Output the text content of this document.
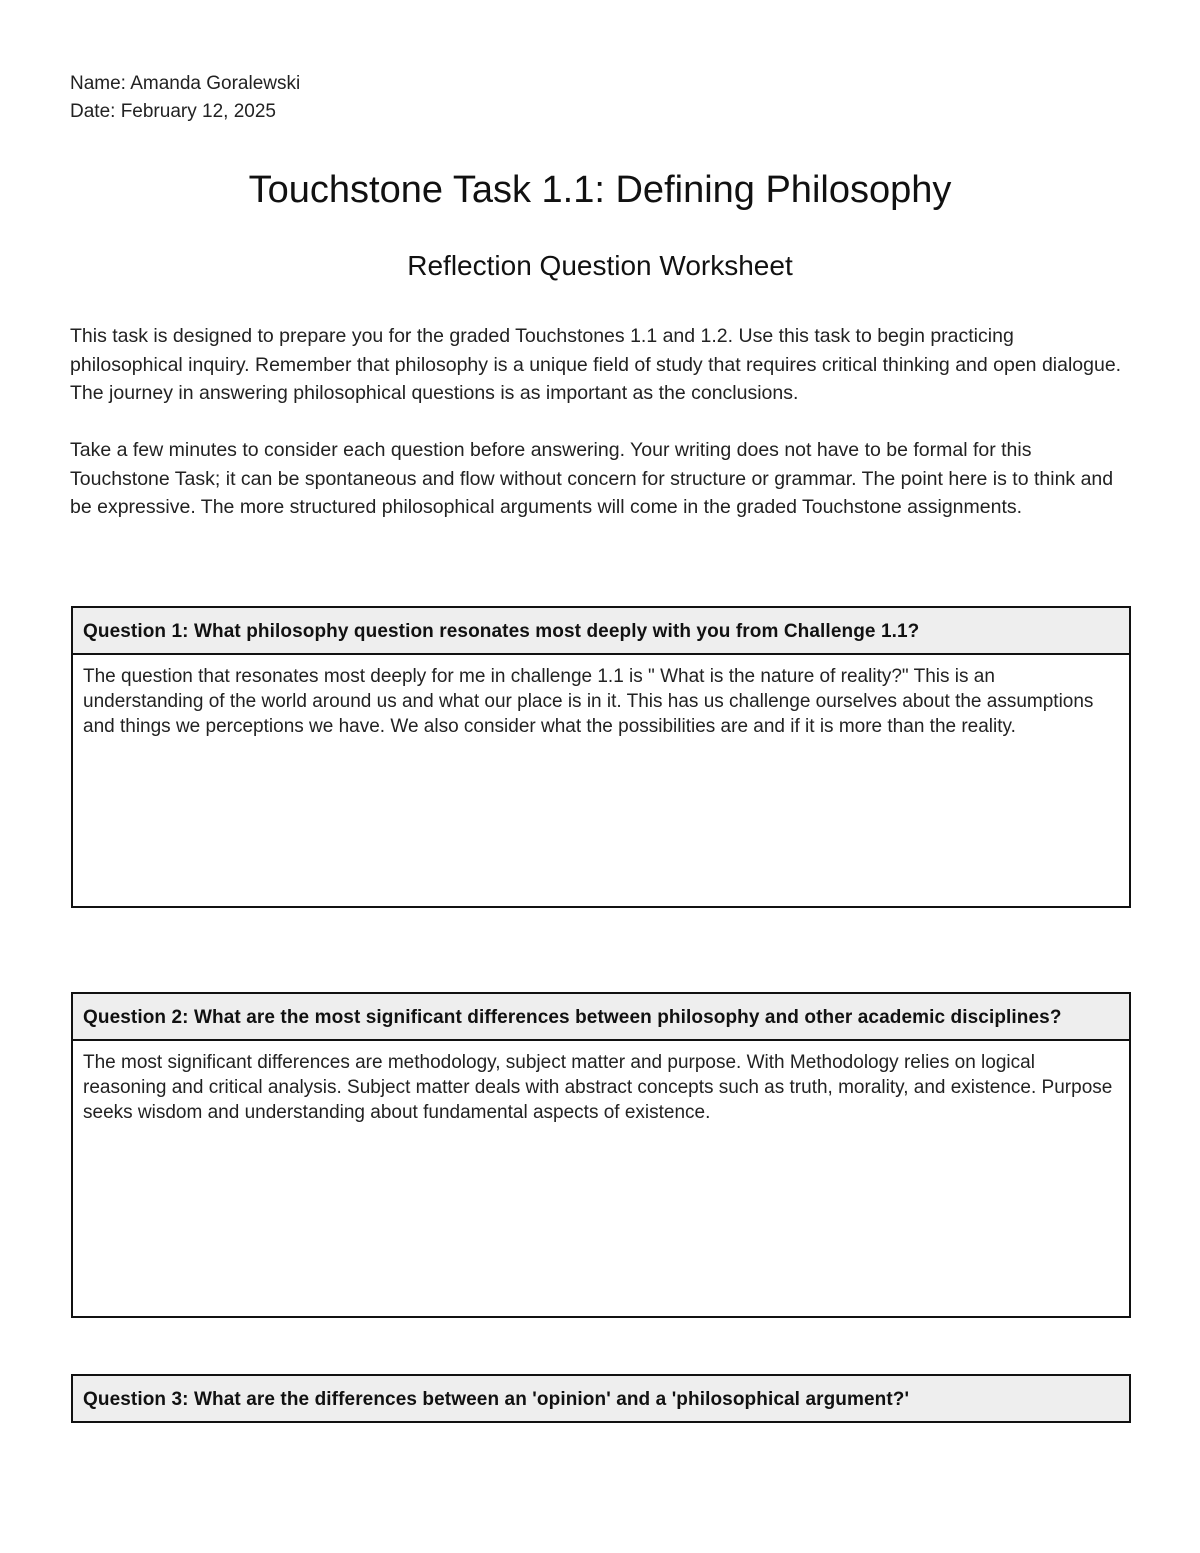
Name: Amanda Goralewski
Date: February 12, 2025
Touchstone Task 1.1: Defining Philosophy
Reflection Question Worksheet

This task is designed to prepare you for the graded Touchstones 1.1 and 1.2. Use this task to begin practicing philosophical inquiry. Remember that philosophy is a unique field of study that requires critical thinking and open dialogue. The journey in answering philosophical questions is as important as the conclusions.

Take a few minutes to consider each question before answering. Your writing does not have to be formal for this Touchstone Task; it can be spontaneous and flow without concern for structure or grammar. The point here is to think and be expressive. The more structured philosophical arguments will come in the graded Touchstone assignments.

Question 1: What philosophy question resonates most deeply with you from Challenge 1.1?
The question that resonates most deeply for me in challenge 1.1 is " What is the nature of reality?" This is an understanding of the world around us and what our place is in it. This has us challenge ourselves about the assumptions and things we perceptions we have. We also consider what the possibilities are and if it is more than the reality.
Question 2: What are the most significant differences between philosophy and other academic disciplines?
The most significant differences are methodology, subject matter and purpose. With Methodology relies on logical reasoning and critical analysis. Subject matter deals with abstract concepts such as truth, morality, and existence. Purpose seeks wisdom and understanding about fundamental aspects of existence.
Question 3: What are the differences between an 'opinion' and a 'philosophical argument?'
